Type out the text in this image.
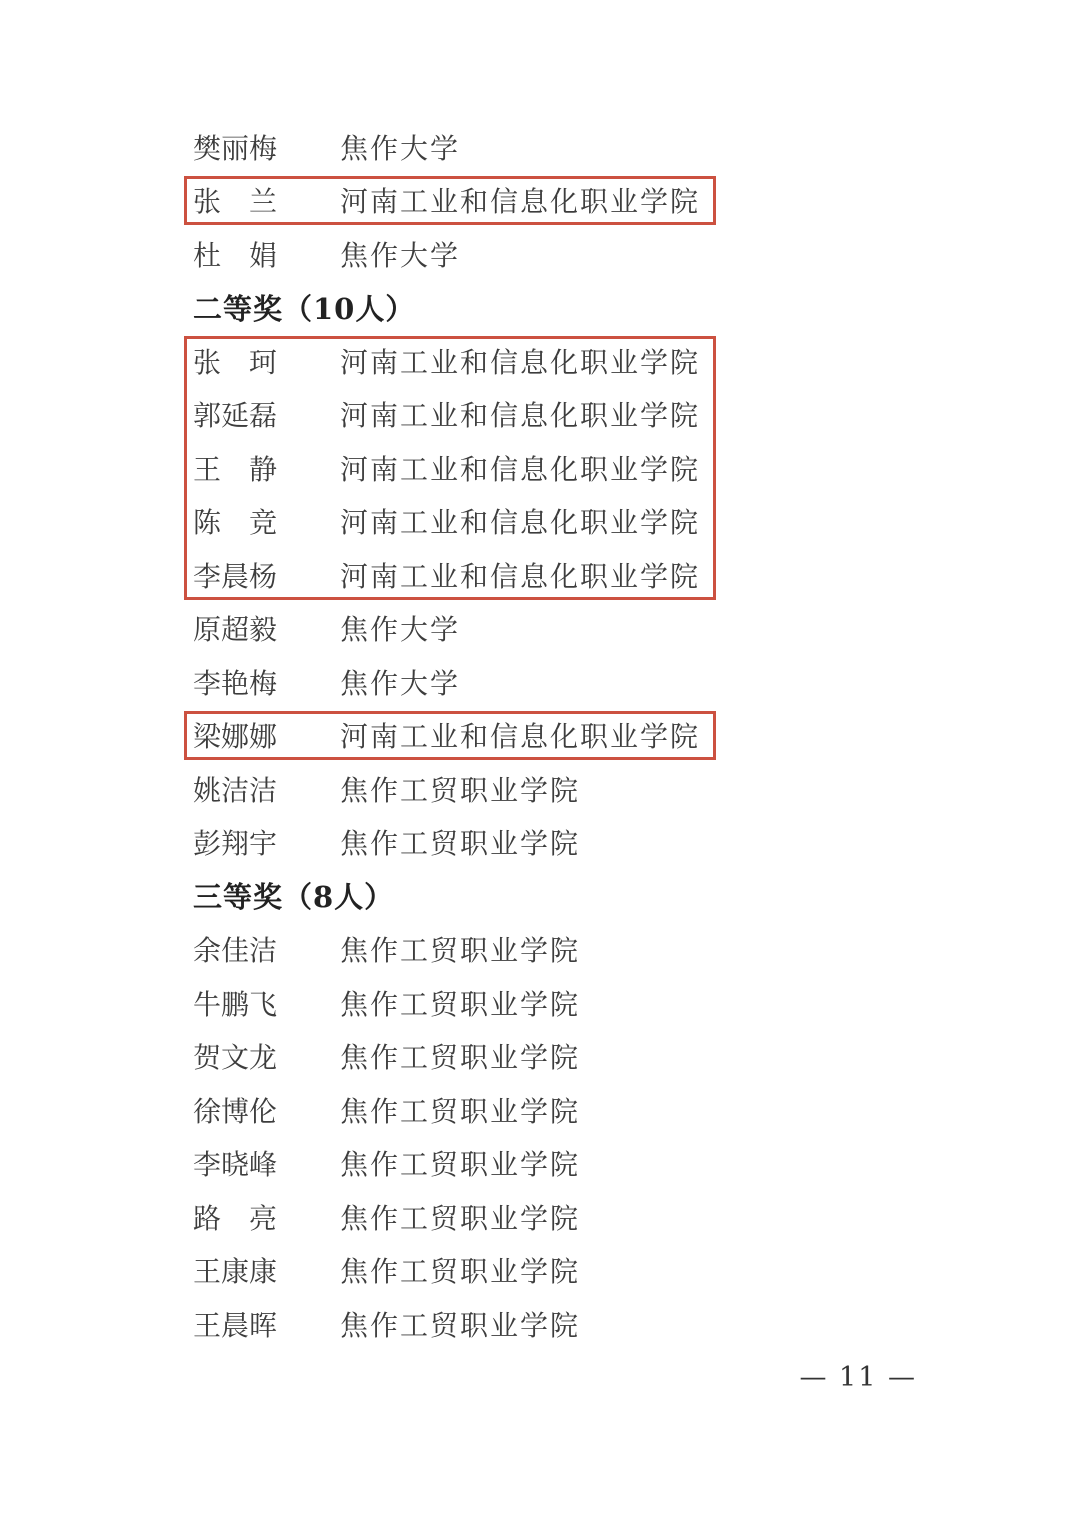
樊丽梅 焦作大学
张　兰 河南工业和信息化职业学院
杜　娟 焦作大学
二等奖（10人）
张　珂 河南工业和信息化职业学院
郭延磊 河南工业和信息化职业学院
王　静 河南工业和信息化职业学院
陈　竞 河南工业和信息化职业学院
李晨杨 河南工业和信息化职业学院
原超毅 焦作大学
李艳梅 焦作大学
梁娜娜 河南工业和信息化职业学院
姚洁洁 焦作工贸职业学院
彭翔宇 焦作工贸职业学院
三等奖（8人）
余佳洁 焦作工贸职业学院
牛鹏飞 焦作工贸职业学院
贺文龙 焦作工贸职业学院
徐博伦 焦作工贸职业学院
李晓峰 焦作工贸职业学院
路　亮 焦作工贸职业学院
王康康 焦作工贸职业学院
王晨晖 焦作工贸职业学院
— 11 —
